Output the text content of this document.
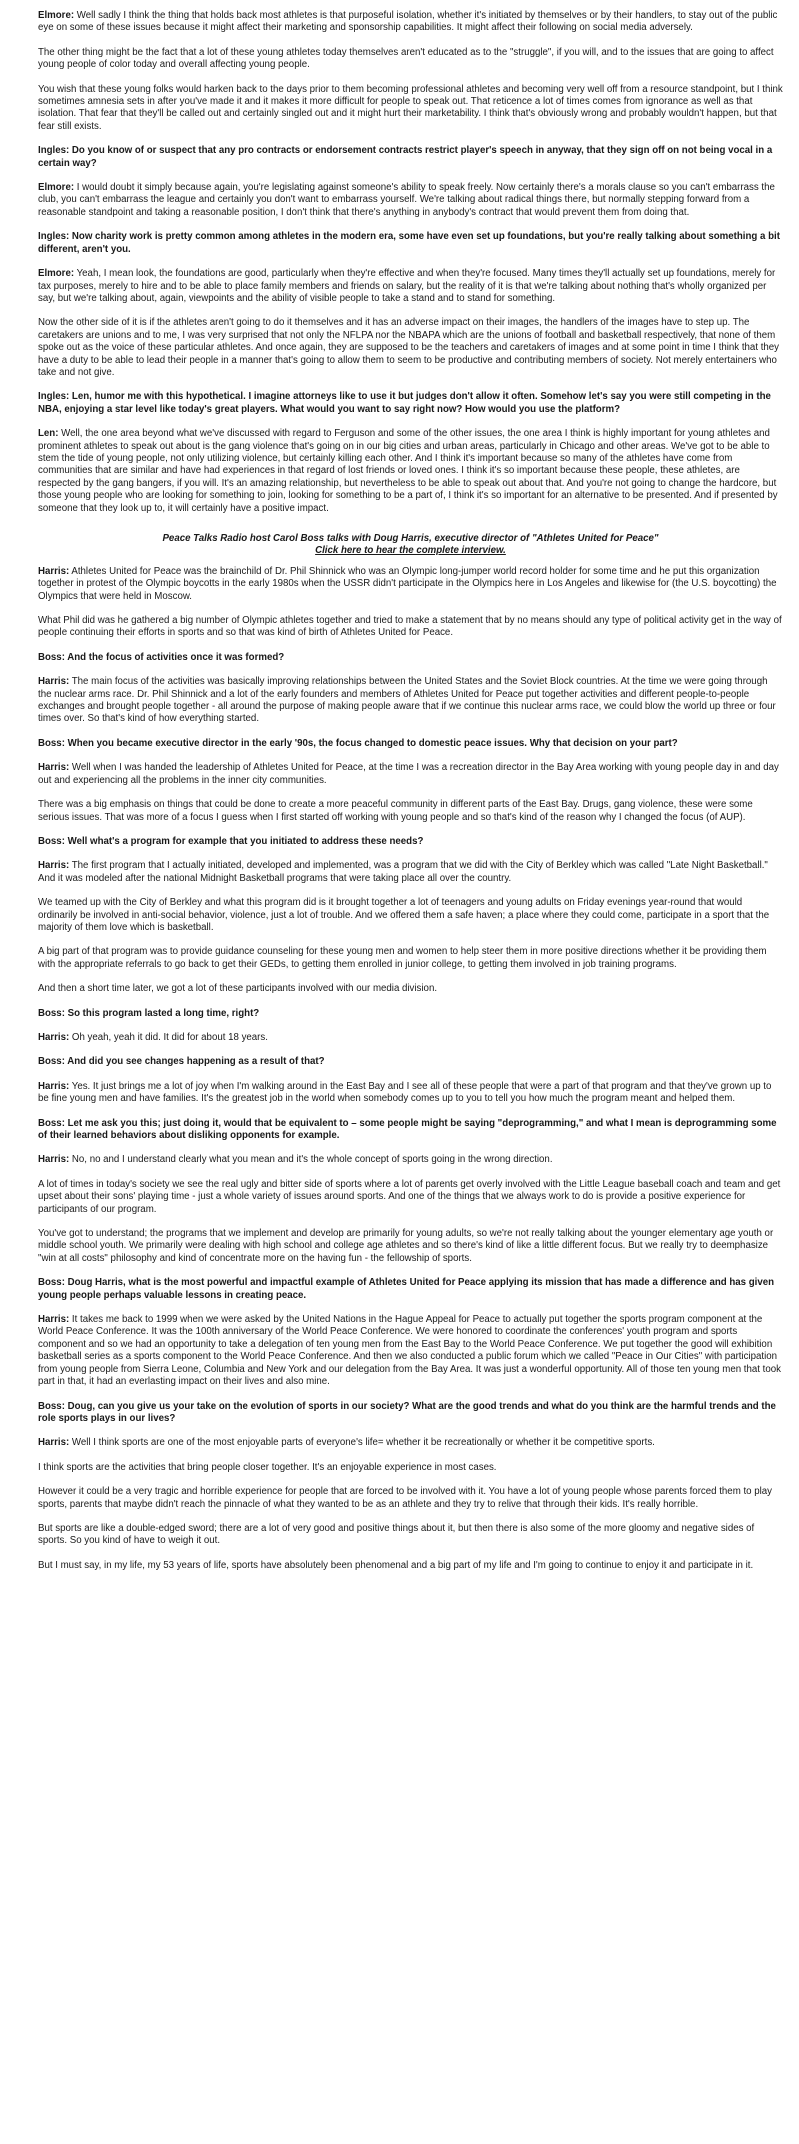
Elmore: Well sadly I think the thing that holds back most athletes is that purposeful isolation, whether it's initiated by themselves or by their handlers, to stay out of the public eye on some of these issues because it might affect their marketing and sponsorship capabilities. It might affect their following on social media adversely.

The other thing might be the fact that a lot of these young athletes today themselves aren't educated as to the "struggle", if you will, and to the issues that are going to affect young people of color today and overall affecting young people.

You wish that these young folks would harken back to the days prior to them becoming professional athletes and becoming very well off from a resource standpoint, but I think sometimes amnesia sets in after you've made it and it makes it more difficult for people to speak out. That reticence a lot of times comes from ignorance as well as that isolation. That fear that they'll be called out and certainly singled out and it might hurt their marketability. I think that's obviously wrong and probably wouldn't happen, but that fear still exists.

Ingles: Do you know of or suspect that any pro contracts or endorsement contracts restrict player's speech in anyway, that they sign off on not being vocal in a certain way?

Elmore: I would doubt it simply because again, you're legislating against someone's ability to speak freely. Now certainly there's a morals clause so you can't embarrass the club, you can't embarrass the league and certainly you don't want to embarrass yourself. We're talking about radical things there, but normally stepping forward from a reasonable standpoint and taking a reasonable position, I don't think that there's anything in anybody's contract that would prevent them from doing that.

Ingles: Now charity work is pretty common among athletes in the modern era, some have even set up foundations, but you're really talking about something a bit different, aren't you.

Elmore: Yeah, I mean look, the foundations are good, particularly when they're effective and when they're focused. Many times they'll actually set up foundations, merely for tax purposes, merely to hire and to be able to place family members and friends on salary, but the reality of it is that we're talking about nothing that's wholly organized per say, but we're talking about, again, viewpoints and the ability of visible people to take a stand and to stand for something.

Now the other side of it is if the athletes aren't going to do it themselves and it has an adverse impact on their images, the handlers of the images have to step up. The caretakers are unions and to me, I was very surprised that not only the NFLPA nor the NBAPA which are the unions of football and basketball respectively, that none of them spoke out as the voice of these particular athletes. And once again, they are supposed to be the teachers and caretakers of images and at some point in time I think that they have a duty to be able to lead their people in a manner that's going to allow them to seem to be productive and contributing members of society. Not merely entertainers who take and not give.

Ingles: Len, humor me with this hypothetical. I imagine attorneys like to use it but judges don't allow it often. Somehow let's say you were still competing in the NBA, enjoying a star level like today's great players. What would you want to say right now? How would you use the platform?

Len: Well, the one area beyond what we've discussed with regard to Ferguson and some of the other issues, the one area I think is highly important for young athletes and prominent athletes to speak out about is the gang violence that's going on in our big cities and urban areas, particularly in Chicago and other areas. We've got to be able to stem the tide of young people, not only utilizing violence, but certainly killing each other. And I think it's important because so many of the athletes have come from communities that are similar and have had experiences in that regard of lost friends or loved ones. I think it's so important because these people, these athletes, are respected by the gang bangers, if you will. It's an amazing relationship, but nevertheless to be able to speak out about that. And you're not going to change the hardcore, but those young people who are looking for something to join, looking for something to be a part of, I think it's so important for an alternative to be presented. And if presented by someone that they look up to, it will certainly have a positive impact.

Peace Talks Radio host Carol Boss talks with Doug Harris, executive director of "Athletes United for Peace"
Click here to hear the complete interview.

Harris: Athletes United for Peace was the brainchild of Dr. Phil Shinnick who was an Olympic long-jumper world record holder for some time and he put this organization together in protest of the Olympic boycotts in the early 1980s when the USSR didn't participate in the Olympics here in Los Angeles and likewise for (the U.S. boycotting) the Olympics that were held in Moscow.

What Phil did was he gathered a big number of Olympic athletes together and tried to make a statement that by no means should any type of political activity get in the way of people continuing their efforts in sports and so that was kind of birth of Athletes United for Peace.

Boss: And the focus of activities once it was formed?

Harris: The main focus of the activities was basically improving relationships between the United States and the Soviet Block countries. At the time we were going through the nuclear arms race. Dr. Phil Shinnick and a lot of the early founders and members of Athletes United for Peace put together activities and different people-to-people exchanges and brought people together - all around the purpose of making people aware that if we continue this nuclear arms race, we could blow the world up three or four times over. So that's kind of how everything started.

Boss: When you became executive director in the early '90s, the focus changed to domestic peace issues. Why that decision on your part?

Harris: Well when I was handed the leadership of Athletes United for Peace, at the time I was a recreation director in the Bay Area working with young people day in and day out and experiencing all the problems in the inner city communities.

There was a big emphasis on things that could be done to create a more peaceful community in different parts of the East Bay. Drugs, gang violence, these were some serious issues. That was more of a focus I guess when I first started off working with young people and so that's kind of the reason why I changed the focus (of AUP).

Boss: Well what's a program for example that you initiated to address these needs?

Harris: The first program that I actually initiated, developed and implemented, was a program that we did with the City of Berkley which was called "Late Night Basketball." And it was modeled after the national Midnight Basketball programs that were taking place all over the country.

We teamed up with the City of Berkley and what this program did is it brought together a lot of teenagers and young adults on Friday evenings year-round that would ordinarily be involved in anti-social behavior, violence, just a lot of trouble. And we offered them a safe haven; a place where they could come, participate in a sport that the majority of them love which is basketball.

A big part of that program was to provide guidance counseling for these young men and women to help steer them in more positive directions whether it be providing them with the appropriate referrals to go back to get their GEDs, to getting them enrolled in junior college, to getting them involved in job training programs.

And then a short time later, we got a lot of these participants involved with our media division.

Boss: So this program lasted a long time, right?

Harris: Oh yeah, yeah it did. It did for about 18 years.

Boss: And did you see changes happening as a result of that?

Harris: Yes. It just brings me a lot of joy when I'm walking around in the East Bay and I see all of these people that were a part of that program and that they've grown up to be fine young men and have families. It's the greatest job in the world when somebody comes up to you to tell you how much the program meant and helped them.

Boss: Let me ask you this; just doing it, would that be equivalent to – some people might be saying "deprogramming," and what I mean is deprogramming some of their learned behaviors about disliking opponents for example.

Harris: No, no and I understand clearly what you mean and it's the whole concept of sports going in the wrong direction.

A lot of times in today's society we see the real ugly and bitter side of sports where a lot of parents get overly involved with the Little League baseball coach and team and get upset about their sons' playing time - just a whole variety of issues around sports. And one of the things that we always work to do is provide a positive experience for participants of our program.

You've got to understand; the programs that we implement and develop are primarily for young adults, so we're not really talking about the younger elementary age youth or middle school youth. We primarily were dealing with high school and college age athletes and so there's kind of like a little different focus. But we really try to deemphasize "win at all costs" philosophy and kind of concentrate more on the having fun - the fellowship of sports.

Boss: Doug Harris, what is the most powerful and impactful example of Athletes United for Peace applying its mission that has made a difference and has given young people perhaps valuable lessons in creating peace.

Harris: It takes me back to 1999 when we were asked by the United Nations in the Hague Appeal for Peace to actually put together the sports program component at the World Peace Conference. It was the 100th anniversary of the World Peace Conference. We were honored to coordinate the conferences' youth program and sports component and so we had an opportunity to take a delegation of ten young men from the East Bay to the World Peace Conference. We put together the good will exhibition basketball series as a sports component to the World Peace Conference. And then we also conducted a public forum which we called "Peace in Our Cities" with participation from young people from Sierra Leone, Columbia and New York and our delegation from the Bay Area. It was just a wonderful opportunity. All of those ten young men that took part in that, it had an everlasting impact on their lives and also mine.

Boss: Doug, can you give us your take on the evolution of sports in our society? What are the good trends and what do you think are the harmful trends and the role sports plays in our lives?

Harris: Well I think sports are one of the most enjoyable parts of everyone's life= whether it be recreationally or whether it be competitive sports.

I think sports are the activities that bring people closer together. It's an enjoyable experience in most cases.

However it could be a very tragic and horrible experience for people that are forced to be involved with it. You have a lot of young people whose parents forced them to play sports, parents that maybe didn't reach the pinnacle of what they wanted to be as an athlete and they try to relive that through their kids. It's really horrible.

But sports are like a double-edged sword; there are a lot of very good and positive things about it, but then there is also some of the more gloomy and negative sides of sports. So you kind of have to weigh it out.

But I must say, in my life, my 53 years of life, sports have absolutely been phenomenal and a big part of my life and I'm going to continue to enjoy it and participate in it.
